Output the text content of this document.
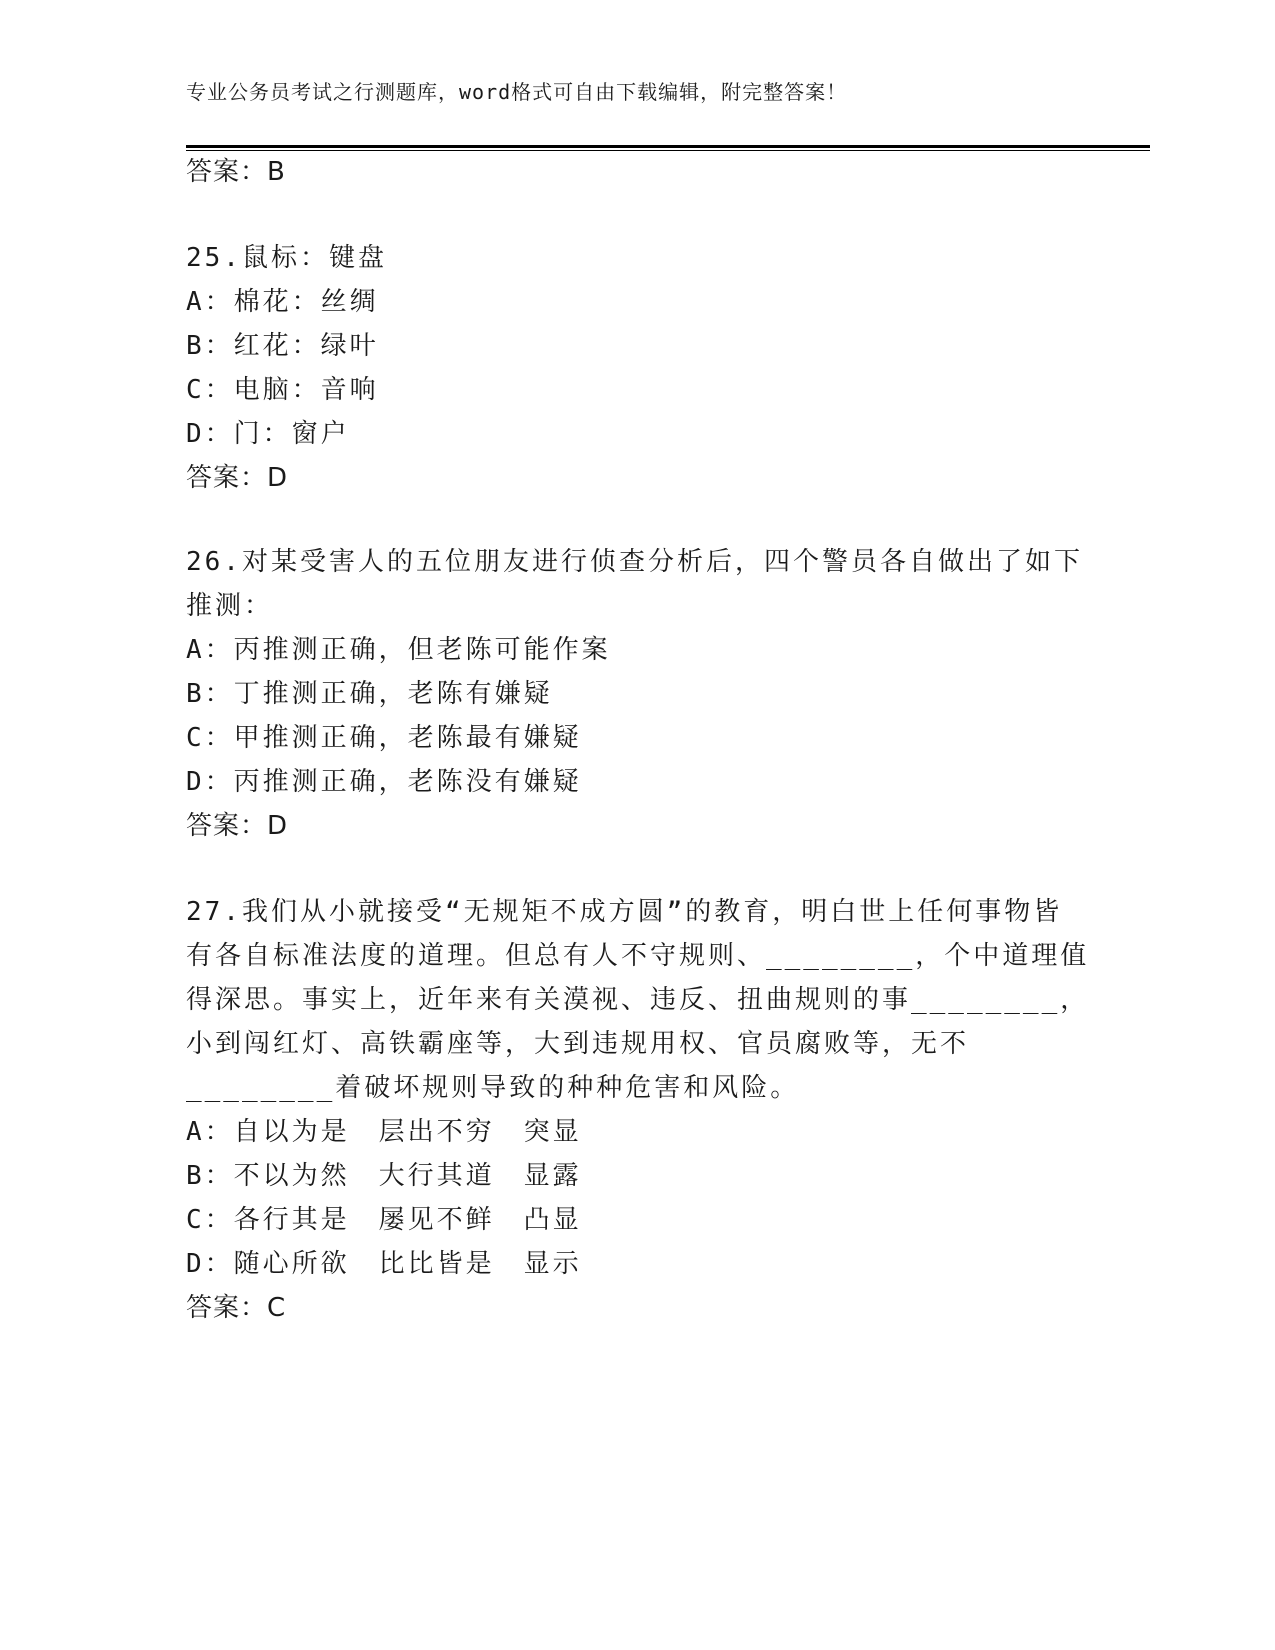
专业公务员考试之行测题库，word格式可自由下载编辑，附完整答案！
答案：B
25.鼠标：键盘
A：棉花：丝绸
B：红花：绿叶
C：电脑：音响
D：门：窗户
答案：D
26.对某受害人的五位朋友进行侦查分析后，四个警员各自做出了如下
推测：
A：丙推测正确，但老陈可能作案
B：丁推测正确，老陈有嫌疑
C：甲推测正确，老陈最有嫌疑
D：丙推测正确，老陈没有嫌疑
答案：D
27.我们从小就接受“无规矩不成方圆”的教育，明白世上任何事物皆
有各自标准法度的道理。但总有人不守规则、________，个中道理值
得深思。事实上，近年来有关漠视、违反、扭曲规则的事________，
小到闯红灯、高铁霸座等，大到违规用权、官员腐败等，无不
________着破坏规则导致的种种危害和风险。
A：自以为是　层出不穷　突显
B：不以为然　大行其道　显露
C：各行其是　屡见不鲜　凸显
D：随心所欲　比比皆是　显示
答案：C
